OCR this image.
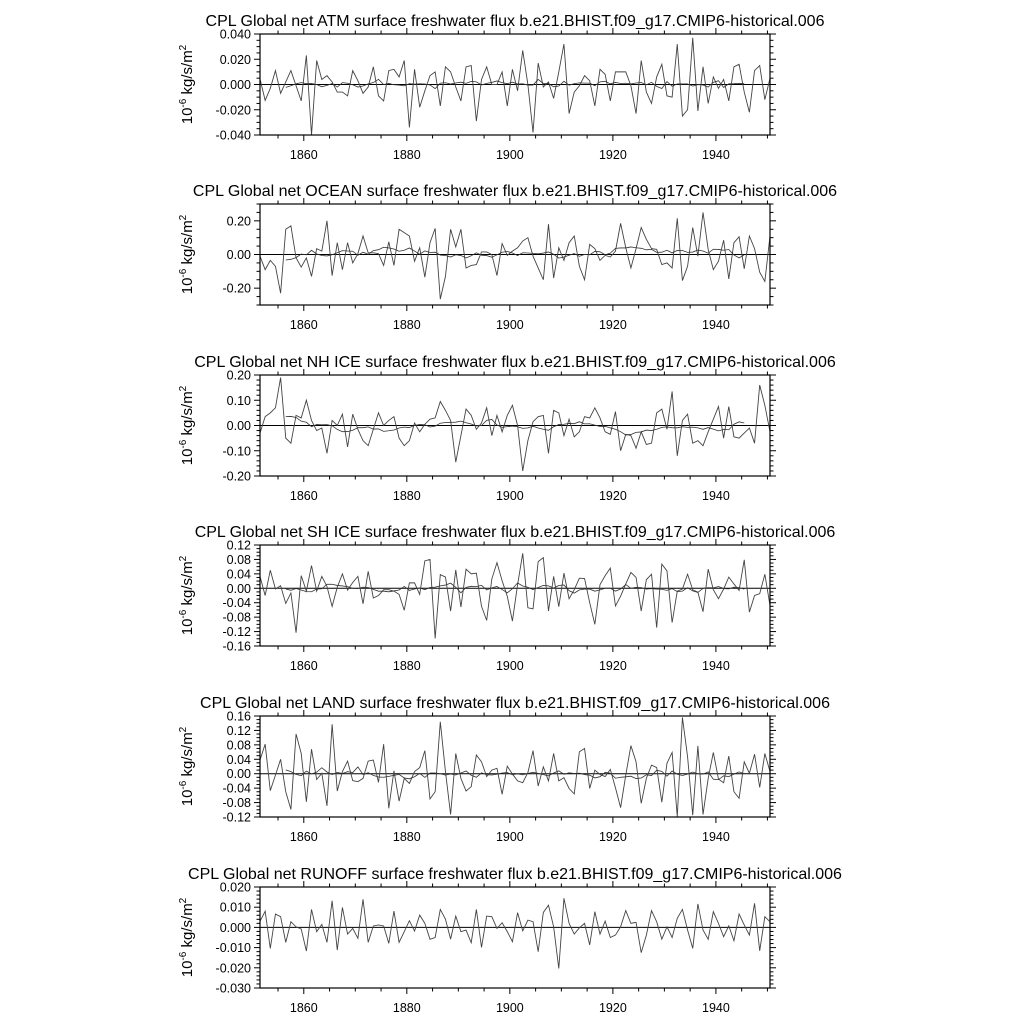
CPL Global net ATM surface freshwater flux b.e21.BHIST.f09_g17.CMIP6-historical.006
$10^{-6}$ $kg/s/m^2$
1860	1880	1900	1920	1940
-0.040
-0.020
0.000
0.020
0.040
CPL Global net OCEAN surface freshwater flux b.e21.BHIST.f09_g17.CMIP6-historical.006
$10^{-6}$ $kg/s/m^2$
1860	1880	1900	1920	1940
-0.20
0.00
0.20
CPL Global net NH ICE surface freshwater flux b.e21.BHIST.f09_g17.CMIP6-historical.006
$10^{-6}$ $kg/s/m^2$
1860	1880	1900	1920	1940
-0.20
-0.10
0.00
0.10
0.20
CPL Global net SH ICE surface freshwater flux b.e21.BHIST.f09_g17.CMIP6-historical.006
$10^{-6}$ $kg/s/m^2$
1860	1880	1900	1920	1940
-0.16
-0.12
-0.08
-0.04
0.00
0.04
0.08
0.12
CPL Global net LAND surface freshwater flux b.e21.BHIST.f09_g17.CMIP6-historical.006
$10^{-6}$ $kg/s/m^2$
1860	1880	1900	1920	1940
-0.12
-0.08
-0.04
0.00
0.04
0.08
0.12
0.16
CPL Global net RUNOFF surface freshwater flux b.e21.BHIST.f09_g17.CMIP6-historical.006
$10^{-6}$ $kg/s/m^2$
1860	1880	1900	1920	1940
-0.030
-0.020
-0.010
0.000
0.010
0.020
